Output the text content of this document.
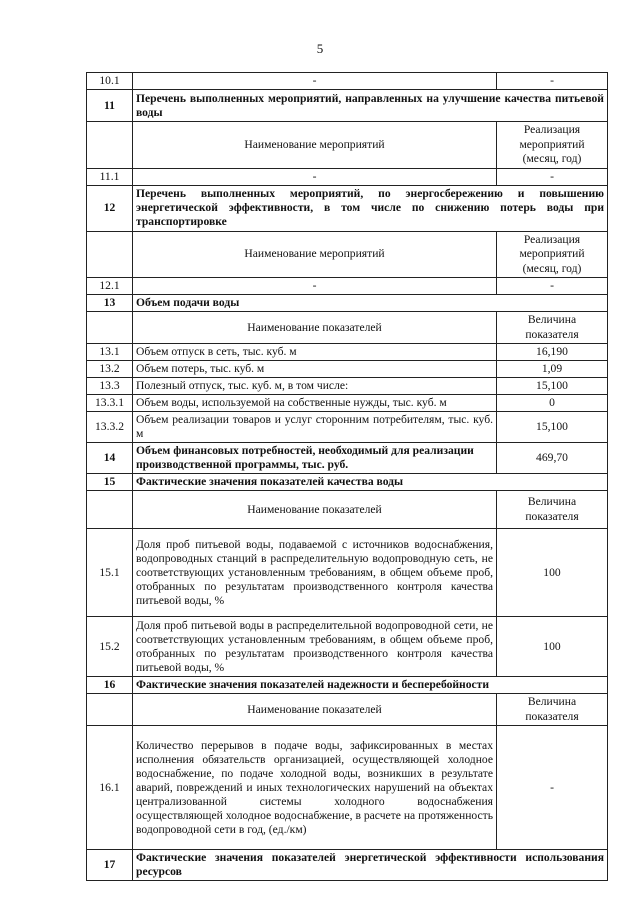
5
10.1	-	-
11	Перечень выполненных мероприятий, направленных на улучшение качества питьевой воды	
	Наименование мероприятий	Реализация мероприятий (месяц, год)
11.1	-	-
12	Перечень выполненных мероприятий, по энергосбережению и повышению энергетической эффективности, в том числе по снижению потерь воды при транспортировке	
	Наименование мероприятий	Реализация мероприятий (месяц, год)
12.1	-	-
13	Объем подачи воды	
	Наименование показателей	Величина показателя
13.1	Объем отпуск в сеть, тыс. куб. м	16,190
13.2	Объем потерь, тыс. куб. м	1,09
13.3	Полезный отпуск, тыс. куб. м, в том числе:	15,100
13.3.1	Объем воды, используемой на собственные нужды, тыс. куб. м	0
13.3.2	Объем реализации товаров и услуг сторонним потребителям, тыс. куб. м	15,100
14	Объем финансовых потребностей, необходимый для реализации производственной программы, тыс. руб.	469,70
15	Фактические значения показателей качества воды	
	Наименование показателей	Величина показателя
15.1	Доля проб питьевой воды, подаваемой с источников водоснабжения, водопроводных станций в распределительную водопроводную сеть, не соответствующих установленным требованиям, в общем объеме проб, отобранных по результатам производственного контроля качества питьевой воды, %	100
15.2	Доля проб питьевой воды в распределительной водопроводной сети, не соответствующих установленным требованиям, в общем объеме проб, отобранных по результатам производственного контроля качества питьевой воды, %	100
16	Фактические значения показателей надежности и бесперебойности	
	Наименование показателей	Величина показателя
16.1	Количество перерывов в подаче воды, зафиксированных в местах исполнения обязательств организацией, осуществляющей холодное водоснабжение, по подаче холодной воды, возникших в результате аварий, повреждений и иных технологических нарушений на объектах централизованной системы холодного водоснабжения осуществляющей холодное водоснабжение, в расчете на протяженность водопроводной сети в год, (ед./км)	-
17	Фактические значения показателей энергетической эффективности использования ресурсов	
